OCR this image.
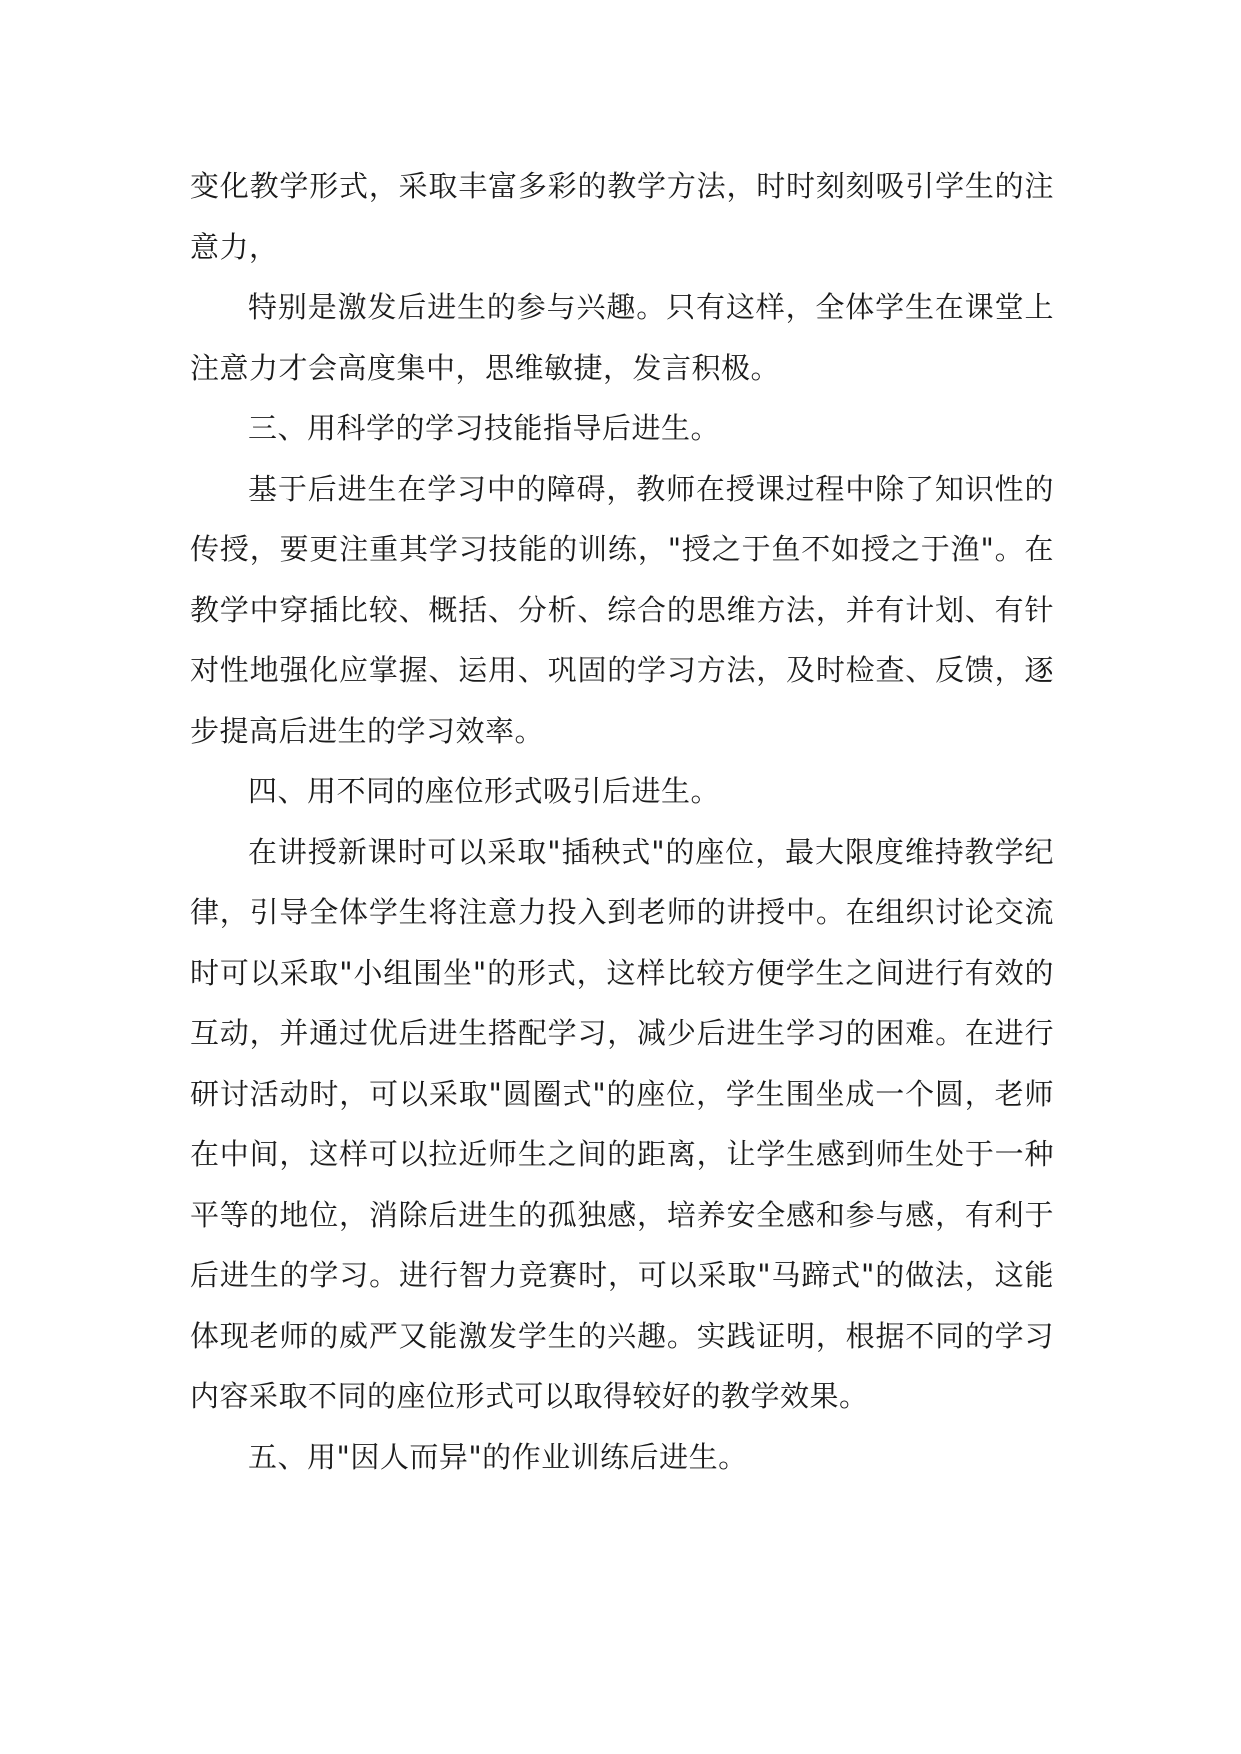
变化教学形式，采取丰富多彩的教学方法，时时刻刻吸引学生的注意力，

特别是激发后进生的参与兴趣。只有这样，全体学生在课堂上注意力才会高度集中，思维敏捷，发言积极。

三、用科学的学习技能指导后进生。

基于后进生在学习中的障碍，教师在授课过程中除了知识性的传授，要更注重其学习技能的训练，"授之于鱼不如授之于渔"。在教学中穿插比较、概括、分析、综合的思维方法，并有计划、有针对性地强化应掌握、运用、巩固的学习方法，及时检查、反馈，逐步提高后进生的学习效率。

四、用不同的座位形式吸引后进生。

在讲授新课时可以采取"插秧式"的座位，最大限度维持教学纪律，引导全体学生将注意力投入到老师的讲授中。在组织讨论交流时可以采取"小组围坐"的形式，这样比较方便学生之间进行有效的互动，并通过优后进生搭配学习，减少后进生学习的困难。在进行研讨活动时，可以采取"圆圈式"的座位，学生围坐成一个圆，老师在中间，这样可以拉近师生之间的距离，让学生感到师生处于一种平等的地位，消除后进生的孤独感，培养安全感和参与感，有利于后进生的学习。进行智力竞赛时，可以采取"马蹄式"的做法，这能体现老师的威严又能激发学生的兴趣。实践证明，根据不同的学习内容采取不同的座位形式可以取得较好的教学效果。

五、用"因人而异"的作业训练后进生。
